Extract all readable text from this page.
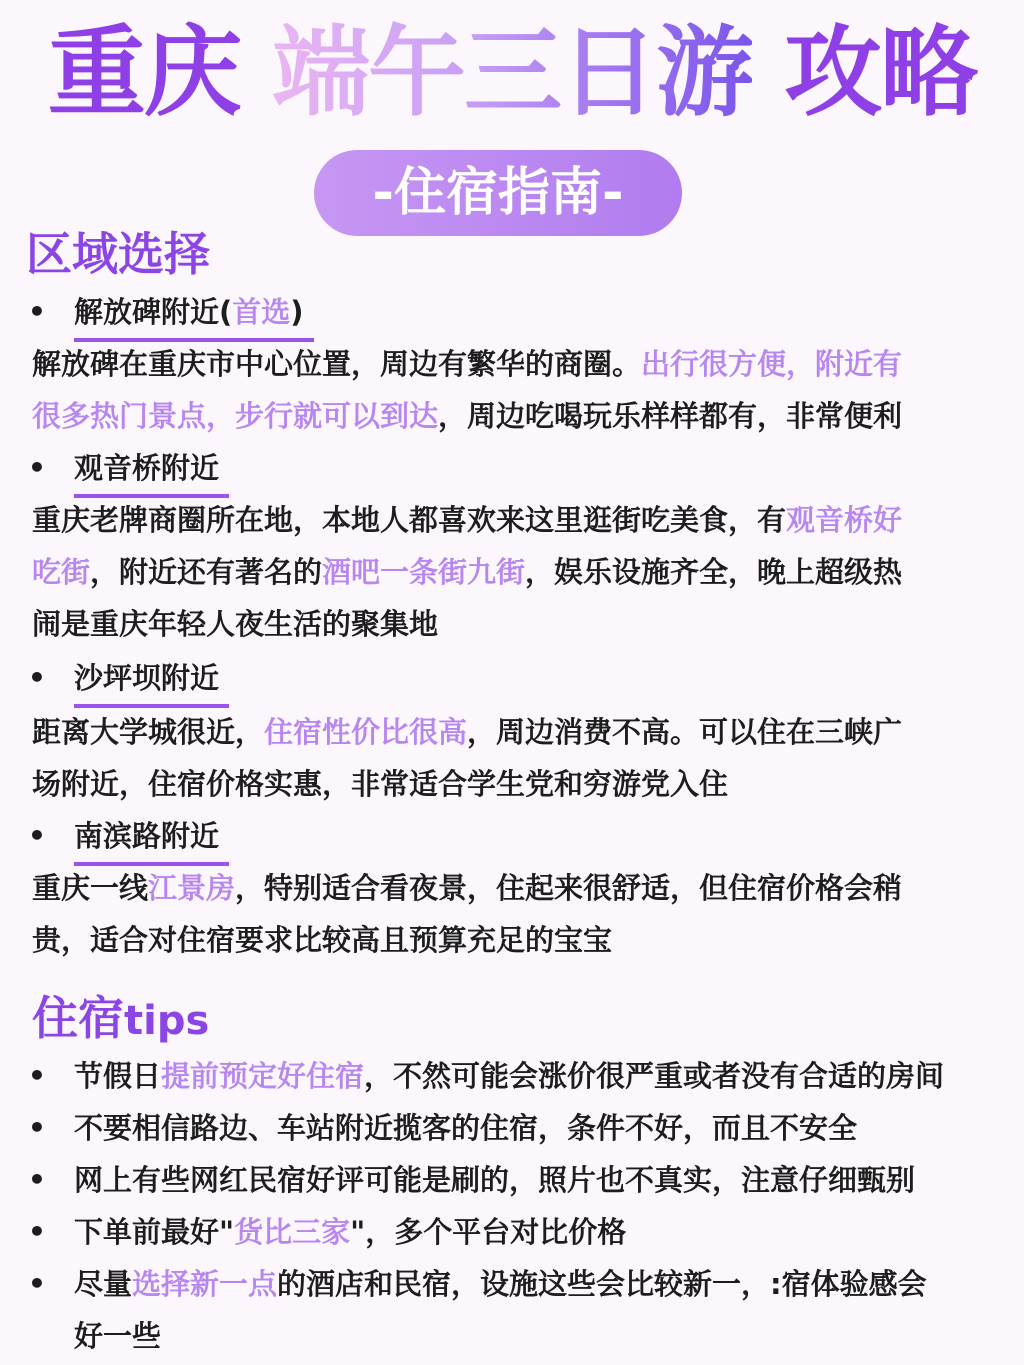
重庆 端午三日游 攻略
-住宿指南-
区域选择
• 解放碑附近(首选)
解放碑在重庆市中心位置，周边有繁华的商圈。出行很方便，附近有
很多热门景点，步行就可以到达，周边吃喝玩乐样样都有，非常便利
• 观音桥附近
重庆老牌商圈所在地，本地人都喜欢来这里逛街吃美食，有观音桥好
吃街，附近还有著名的酒吧一条街九街，娱乐设施齐全，晚上超级热
闹是重庆年轻人夜生活的聚集地
• 沙坪坝附近
距离大学城很近，住宿性价比很高，周边消费不高。可以住在三峡广
场附近，住宿价格实惠，非常适合学生党和穷游党入住
• 南滨路附近
重庆一线江景房，特别适合看夜景，住起来很舒适，但住宿价格会稍
贵，适合对住宿要求比较高且预算充足的宝宝
住宿tips
• 节假日提前预定好住宿，不然可能会涨价很严重或者没有合适的房间
• 不要相信路边、车站附近揽客的住宿，条件不好，而且不安全
• 网上有些网红民宿好评可能是刷的，照片也不真实，注意仔细甄别
• 下单前最好"货比三家"，多个平台对比价格
• 尽量选择新一点的酒店和民宿，设施这些会比较新一，:宿体验感会
好一些
